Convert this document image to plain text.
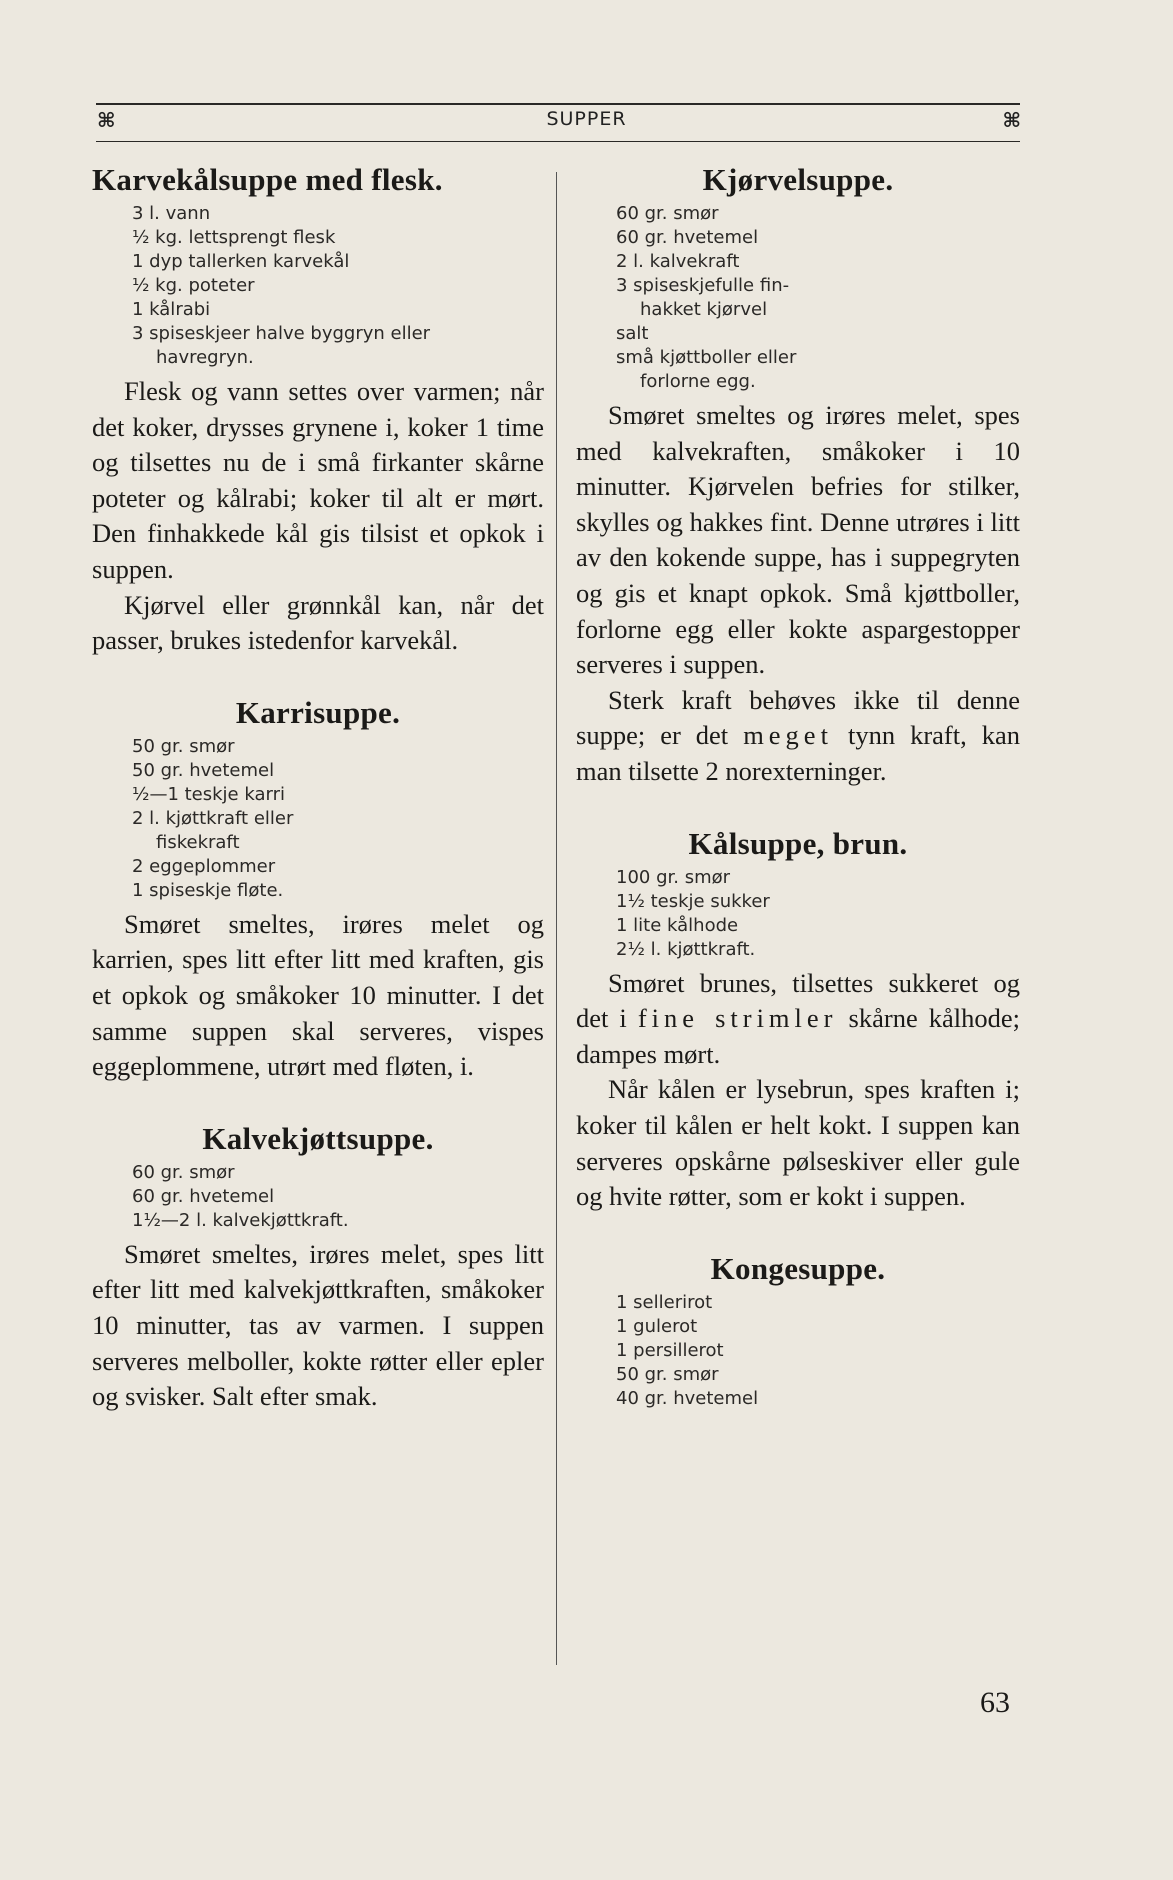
⌘	SUPPER	⌘
Karvekålsuppe med flesk.
3 l. vann
½ kg. lettsprengt flesk
1 dyp tallerken karvekål
½ kg. poteter
1 kålrabi
3 spiseskjeer halve byggryn eller
havregryn.

Flesk og vann settes over varmen; når det koker, drysses grynene i, koker 1 time og tilsettes nu de i små firkanter skårne poteter og kålrabi; koker til alt er mørt. Den finhakkede kål gis tilsist et opkok i suppen.

Kjørvel eller grønnkål kan, når det passer, brukes istedenfor karvekål.

Karrisuppe.
50 gr. smør
50 gr. hvetemel
½—1 teskje karri
2 l. kjøttkraft eller
fiskekraft
2 eggeplommer
1 spiseskje fløte.

Smøret smeltes, irøres melet og karrien, spes litt efter litt med kraften, gis et opkok og småkoker 10 minutter. I det samme suppen skal serveres, vispes eggeplommene, utrørt med fløten, i.

Kalvekjøttsuppe.
60 gr. smør
60 gr. hvetemel
1½—2 l. kalvekjøttkraft.

Smøret smeltes, irøres melet, spes litt efter litt med kalvekjøttkraften, småkoker 10 minutter, tas av varmen. I suppen serveres melboller, kokte røtter eller epler og svisker. Salt efter smak.

Kjørvelsuppe.
60 gr. smør
60 gr. hvetemel
2 l. kalvekraft
3 spiseskjefulle fin-
hakket kjørvel
salt
små kjøttboller eller
forlorne egg.

Smøret smeltes og irøres melet, spes med kalvekraften, småkoker i 10 minutter. Kjørvelen befries for stilker, skylles og hakkes fint. Denne utrøres i litt av den kokende suppe, has i suppegryten og gis et knapt opkok. Små kjøttboller, forlorne egg eller kokte aspargestopper serveres i suppen.

Sterk kraft behøves ikke til denne suppe; er det meget tynn kraft, kan man tilsette 2 norexterninger.

Kålsuppe, brun.
100 gr. smør
1½ teskje sukker
1 lite kålhode
2½ l. kjøttkraft.

Smøret brunes, tilsettes sukkeret og det i fine strimler skårne kålhode; dampes mørt.

Når kålen er lysebrun, spes kraften i; koker til kålen er helt kokt. I suppen kan serveres opskårne pølseskiver eller gule og hvite røtter, som er kokt i suppen.

Kongesuppe.
1 sellerirot
1 gulerot
1 persillerot
50 gr. smør
40 gr. hvetemel
63
